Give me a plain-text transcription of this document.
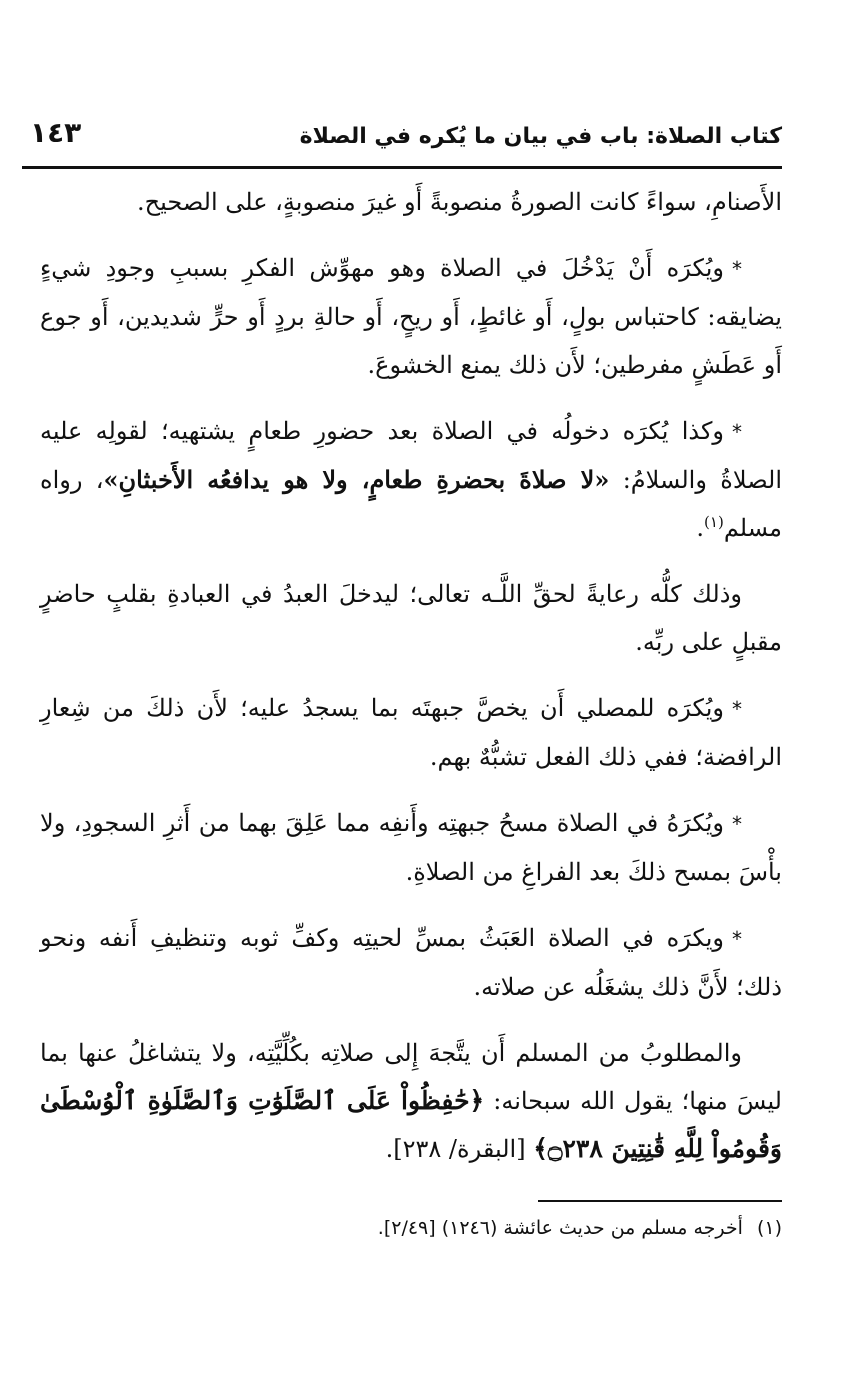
كتاب الصلاة: باب في بيان ما يُكره في الصلاة
١٤٣

الأَصنامِ، سواءً كانت الصورةُ منصوبةً أَو غيرَ منصوبةٍ، على الصحيح.

*ويُكرَه أَنْ يَدْخُلَ في الصلاة وهو مهوِّش الفكرِ بسببِ وجودِ شيءٍ يضايقه: كاحتباس بولٍ، أَو غائطٍ، أَو ريحٍ، أَو حالةِ بردٍ أَو حرٍّ شديدين، أَو جوع أَو عَطَشٍ مفرطين؛ لأَن ذلك يمنع الخشوعَ.

*وكذا يُكرَه دخولُه في الصلاة بعد حضورِ طعامٍ يشتهيه؛ لقولِه عليه الصلاةُ والسلامُ: «لا صلاةَ بحضرةِ طعامٍ، ولا هو يدافعُه الأَخبثانِ»، رواه مسلم$^{(١)}$.

وذلك كلُّه رعايةً لحقِّ اللَّـه تعالى؛ ليدخلَ العبدُ في العبادةِ بقلبٍ حاضرٍ مقبلٍ على ربِّه.

*ويُكرَه للمصلي أَن يخصَّ جبهتَه بما يسجدُ عليه؛ لأَن ذلكَ من شِعارِ الرافضة؛ ففي ذلك الفعل تشبُّهٌ بهم.

*ويُكرَهُ في الصلاة مسحُ جبهتِه وأَنفِه مما عَلِقَ بهما من أَثرِ السجودِ، ولا بأْسَ بمسح ذلكَ بعد الفراغِ من الصلاةِ.

*ويكرَه في الصلاة العَبَثُ بمسِّ لحيتِه وكفِّ ثوبه وتنظيفِ أَنفه ونحو ذلك؛ لأَنَّ ذلك يشغَلُه عن صلاته.

والمطلوبُ من المسلم أَن يتَّجهَ إِلى صلاتِه بكُلِّيَّتِه، ولا يتشاغلُ عنها بما ليسَ منها؛ يقول الله سبحانه: ﴿حَٰفِظُواْ عَلَى ٱلصَّلَوَٰتِ وَٱلصَّلَوٰةِ ٱلْوُسْطَىٰ وَقُومُواْ لِلَّهِ قَٰنِتِينَ ۝٢٣٨﴾ [البقرة/ ٢٣٨].

(١)أخرجه مسلم من حديث عائشة (١٢٤٦) [٢/٤٩].
